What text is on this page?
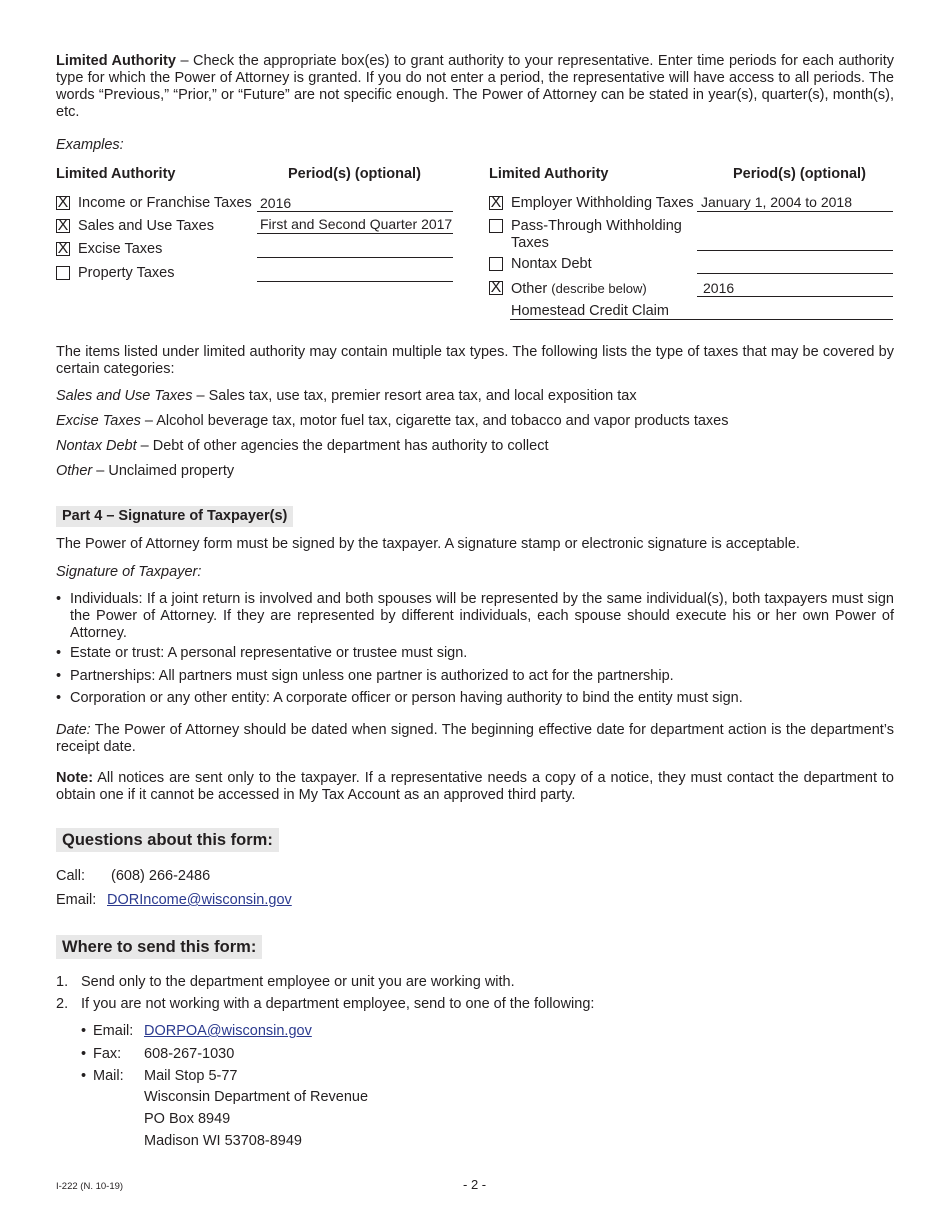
Limited Authority – Check the appropriate box(es) to grant authority to your representative. Enter time periods for each authority type for which the Power of Attorney is granted. If you do not enter a period, the representative will have access to all periods. The words “Previous,” “Prior,” or “Future” are not specific enough. The Power of Attorney can be stated in year(s), quarter(s), month(s), etc.
Examples:
Limited Authority	Period(s) (optional)	Limited Authority	Period(s) (optional)
X Income or Franchise Taxes 2016
X Sales and Use Taxes	First and Second Quarter 2017
X Excise Taxes
Property Taxes
X Employer Withholding Taxes January 1, 2004 to 2018
Pass-Through Withholding
Taxes
Nontax Debt
X Other (describe below)	2016
Homestead Credit Claim
The items listed under limited authority may contain multiple tax types. The following lists the type of taxes that may be covered by certain categories:
Sales and Use Taxes – Sales tax, use tax, premier resort area tax, and local exposition tax
Excise Taxes – Alcohol beverage tax, motor fuel tax, cigarette tax, and tobacco and vapor products taxes
Nontax Debt – Debt of other agencies the department has authority to collect
Other – Unclaimed property
Part 4 – Signature of Taxpayer(s)
The Power of Attorney form must be signed by the taxpayer. A signature stamp or electronic signature is acceptable.
Signature of Taxpayer:
• Individuals: If a joint return is involved and both spouses will be represented by the same individual(s), both taxpayers must sign the Power of Attorney. If they are represented by different individuals, each spouse should execute his or her own Power of Attorney.
• Estate or trust: A personal representative or trustee must sign.
• Partnerships: All partners must sign unless one partner is authorized to act for the partnership.
• Corporation or any other entity: A corporate officer or person having authority to bind the entity must sign.
Date: The Power of Attorney should be dated when signed. The beginning effective date for department action is the department’s receipt date.
Note: All notices are sent only to the taxpayer. If a representative needs a copy of a notice, they must contact the department to obtain one if it cannot be accessed in My Tax Account as an approved third party.
Questions about this form:
Call: (608) 266-2486
Email: DORIncome@wisconsin.gov
Where to send this form:
1. Send only to the department employee or unit you are working with.
2. If you are not working with a department employee, send to one of the following:
• Email: DORPOA@wisconsin.gov
• Fax: 608-267-1030
• Mail: Mail Stop 5-77
Wisconsin Department of Revenue
PO Box 8949
Madison WI 53708-8949
I-222 (N. 10-19)	- 2 -
